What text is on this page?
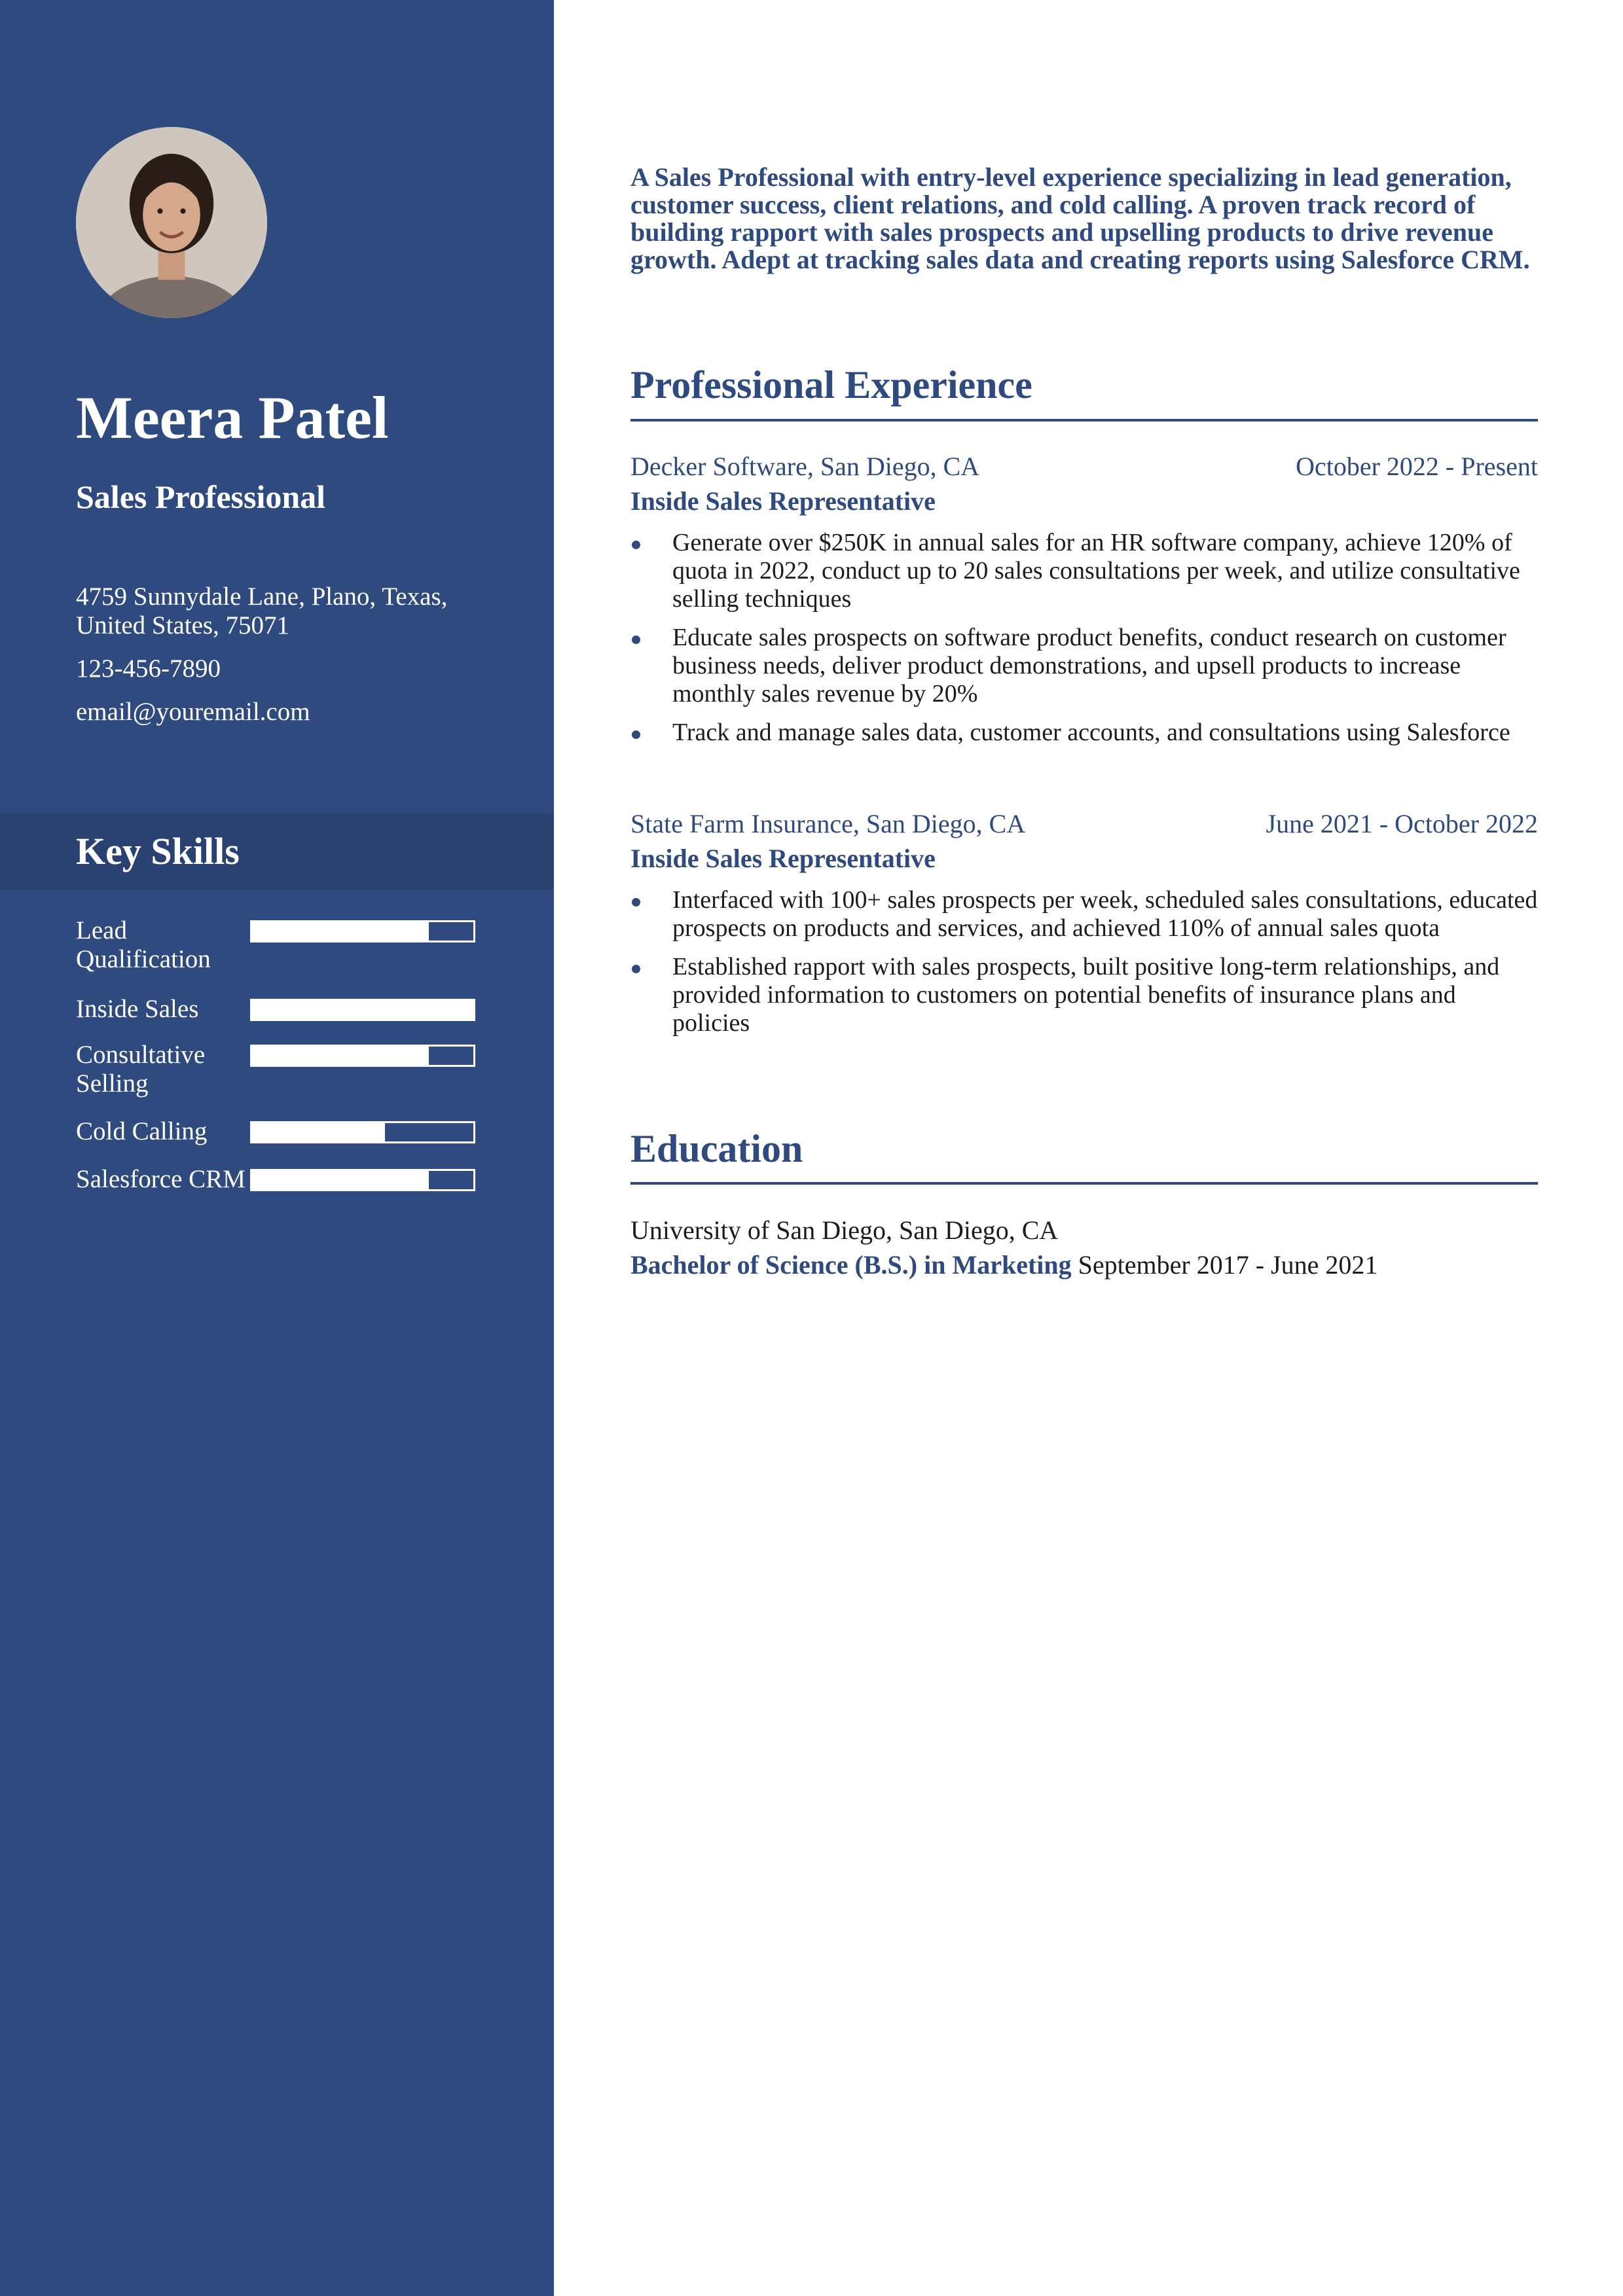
Meera Patel
Sales Professional
4759 Sunnydale Lane, Plano, Texas, United States, 75071
123-456-7890
email@youremail.com
Key Skills
Lead Qualification
Inside Sales
Consultative Selling
Cold Calling
Salesforce CRM

A Sales Professional with entry-level experience specializing in lead generation, customer success, client relations, and cold calling. A proven track record of building rapport with sales prospects and upselling products to drive revenue growth. Adept at tracking sales data and creating reports using Salesforce CRM.

Professional Experience
Decker Software, San Diego, CA	October 2022 - Present
Inside Sales Representative
Generate over $250K in annual sales for an HR software company, achieve 120% of quota in 2022, conduct up to 20 sales consultations per week, and utilize consultative selling techniques
Educate sales prospects on software product benefits, conduct research on customer business needs, deliver product demonstrations, and upsell products to increase monthly sales revenue by 20%
Track and manage sales data, customer accounts, and consultations using Salesforce
State Farm Insurance, San Diego, CA	June 2021 - October 2022
Inside Sales Representative
Interfaced with 100+ sales prospects per week, scheduled sales consultations, educated prospects on products and services, and achieved 110% of annual sales quota
Established rapport with sales prospects, built positive long-term relationships, and provided information to customers on potential benefits of insurance plans and policies
Education
University of San Diego, San Diego, CA
Bachelor of Science (B.S.) in Marketing September 2017 - June 2021
